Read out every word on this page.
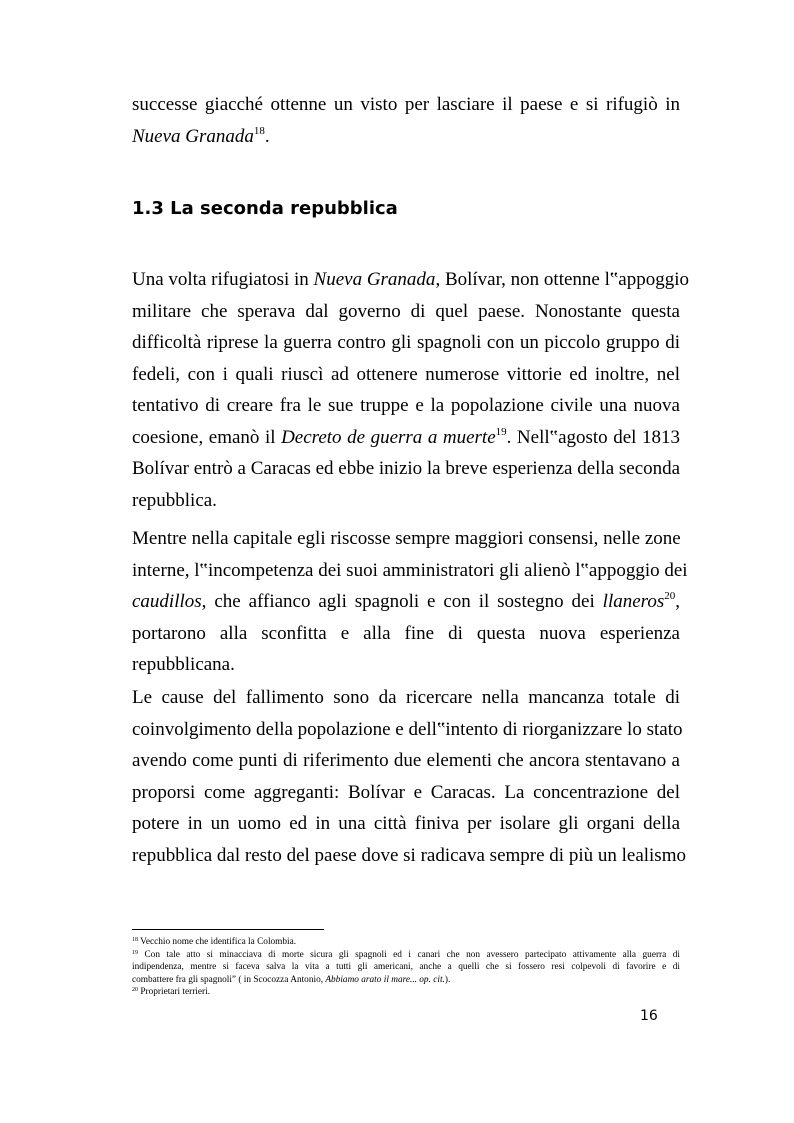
successe giacché ottenne un visto per lasciare il paese e si rifugiò in
Nueva Granada$^{18}$.
1.3 La seconda repubblica
Una volta rifugiatosi in Nueva Granada, Bolívar, non ottenne l‟appoggio
militare che sperava dal governo di quel paese. Nonostante questa
difficoltà riprese la guerra contro gli spagnoli con un piccolo gruppo di
fedeli, con i quali riuscì ad ottenere numerose vittorie ed inoltre, nel
tentativo di creare fra le sue truppe e la popolazione civile una nuova
coesione, emanò il Decreto de guerra a muerte$^{19}$. Nell‟agosto del 1813
Bolívar entrò a Caracas ed ebbe inizio la breve esperienza della seconda
repubblica.
Mentre nella capitale egli riscosse sempre maggiori consensi, nelle zone
interne, l‟incompetenza dei suoi amministratori gli alienò l‟appoggio dei
caudillos, che affianco agli spagnoli e con il sostegno dei llaneros$^{20}$,
portarono alla sconfitta e alla fine di questa nuova esperienza
repubblicana.
Le cause del fallimento sono da ricercare nella mancanza totale di
coinvolgimento della popolazione e dell‟intento di riorganizzare lo stato
avendo come punti di riferimento due elementi che ancora stentavano a
proporsi come aggreganti: Bolívar e Caracas. La concentrazione del
potere in un uomo ed in una città finiva per isolare gli organi della
repubblica dal resto del paese dove si radicava sempre di più un lealismo
$^{18}$ Vecchio nome che identifica la Colombia.
$^{19}$ Con tale atto si minacciava di morte sicura gli spagnoli ed i canari che non avessero partecipato attivamente alla guerra di
indipendenza, mentre si faceva salva la vita a tutti gli americani, anche a quelli che si fossero resi colpevoli di favorire e di
combattere fra gli spagnoli” ( in Scocozza Antonio, Abbiamo arato il mare... op. cit.).
$^{20}$ Proprietari terrieri.
16
